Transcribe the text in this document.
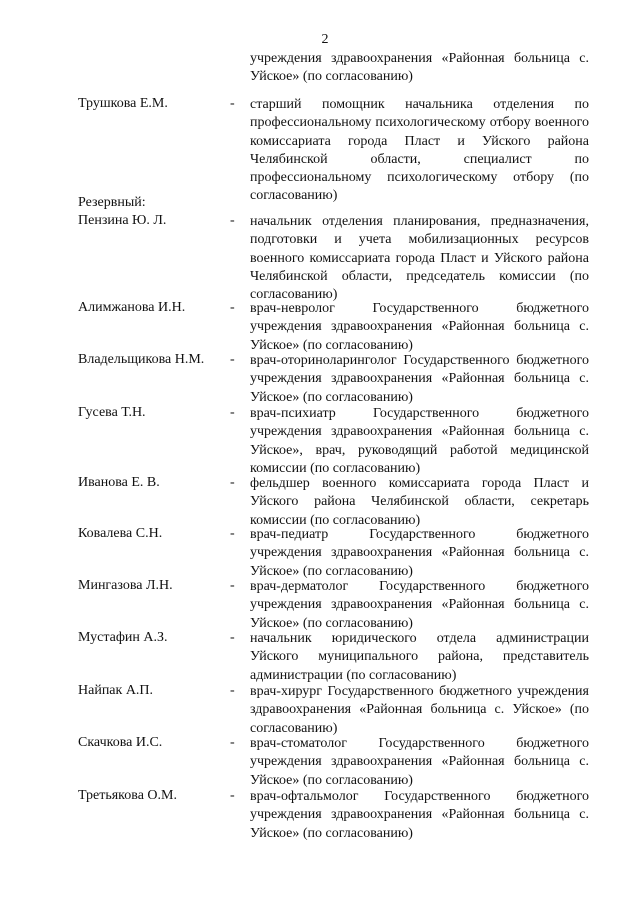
2
учреждения здравоохранения «Районная больница с. Уйское» (по согласованию)
Трушкова Е.М.	- старший помощник начальника отделения по профессиональному психологическому отбору военного комиссариата города Пласт и Уйского района Челябинской области, специалист по профессиональному психологическому отбору (по согласованию)
Резервный:
Пензина Ю. Л.	- начальник отделения планирования, предназначения, подготовки и учета мобилизационных ресурсов военного комиссариата города Пласт и Уйского района Челябинской области, председатель комиссии (по согласованию)
Алимжанова И.Н.	- врач-невролог Государственного бюджетного учреждения здравоохранения «Районная больница с. Уйское» (по согласованию)
Владельщикова Н.М. - врач-оториноларинголог Государственного бюджетного учреждения здравоохранения «Районная больница с. Уйское» (по согласованию)
Гусева Т.Н.	- врач-психиатр Государственного бюджетного учреждения здравоохранения «Районная больница с. Уйское», врач, руководящий работой медицинской комиссии (по согласованию)
Иванова Е. В.	- фельдшер военного комиссариата города Пласт и Уйского района Челябинской области, секретарь комиссии (по согласованию)
Ковалева С.Н.	- врач-педиатр Государственного бюджетного учреждения здравоохранения «Районная больница с. Уйское» (по согласованию)
Мингазова Л.Н.	- врач-дерматолог Государственного бюджетного учреждения здравоохранения «Районная больница с. Уйское» (по согласованию)
Мустафин А.З.	- начальник юридического отдела администрации Уйского муниципального района, представитель администрации (по согласованию)
Найпак А.П.	- врач-хирург Государственного бюджетного учреждения здравоохранения «Районная больница с. Уйское» (по согласованию)
Скачкова И.С.	- врач-стоматолог Государственного бюджетного учреждения здравоохранения «Районная больница с. Уйское» (по согласованию)
Третьякова О.М.	- врач-офтальмолог Государственного бюджетного учреждения здравоохранения «Районная больница с. Уйское» (по согласованию)
